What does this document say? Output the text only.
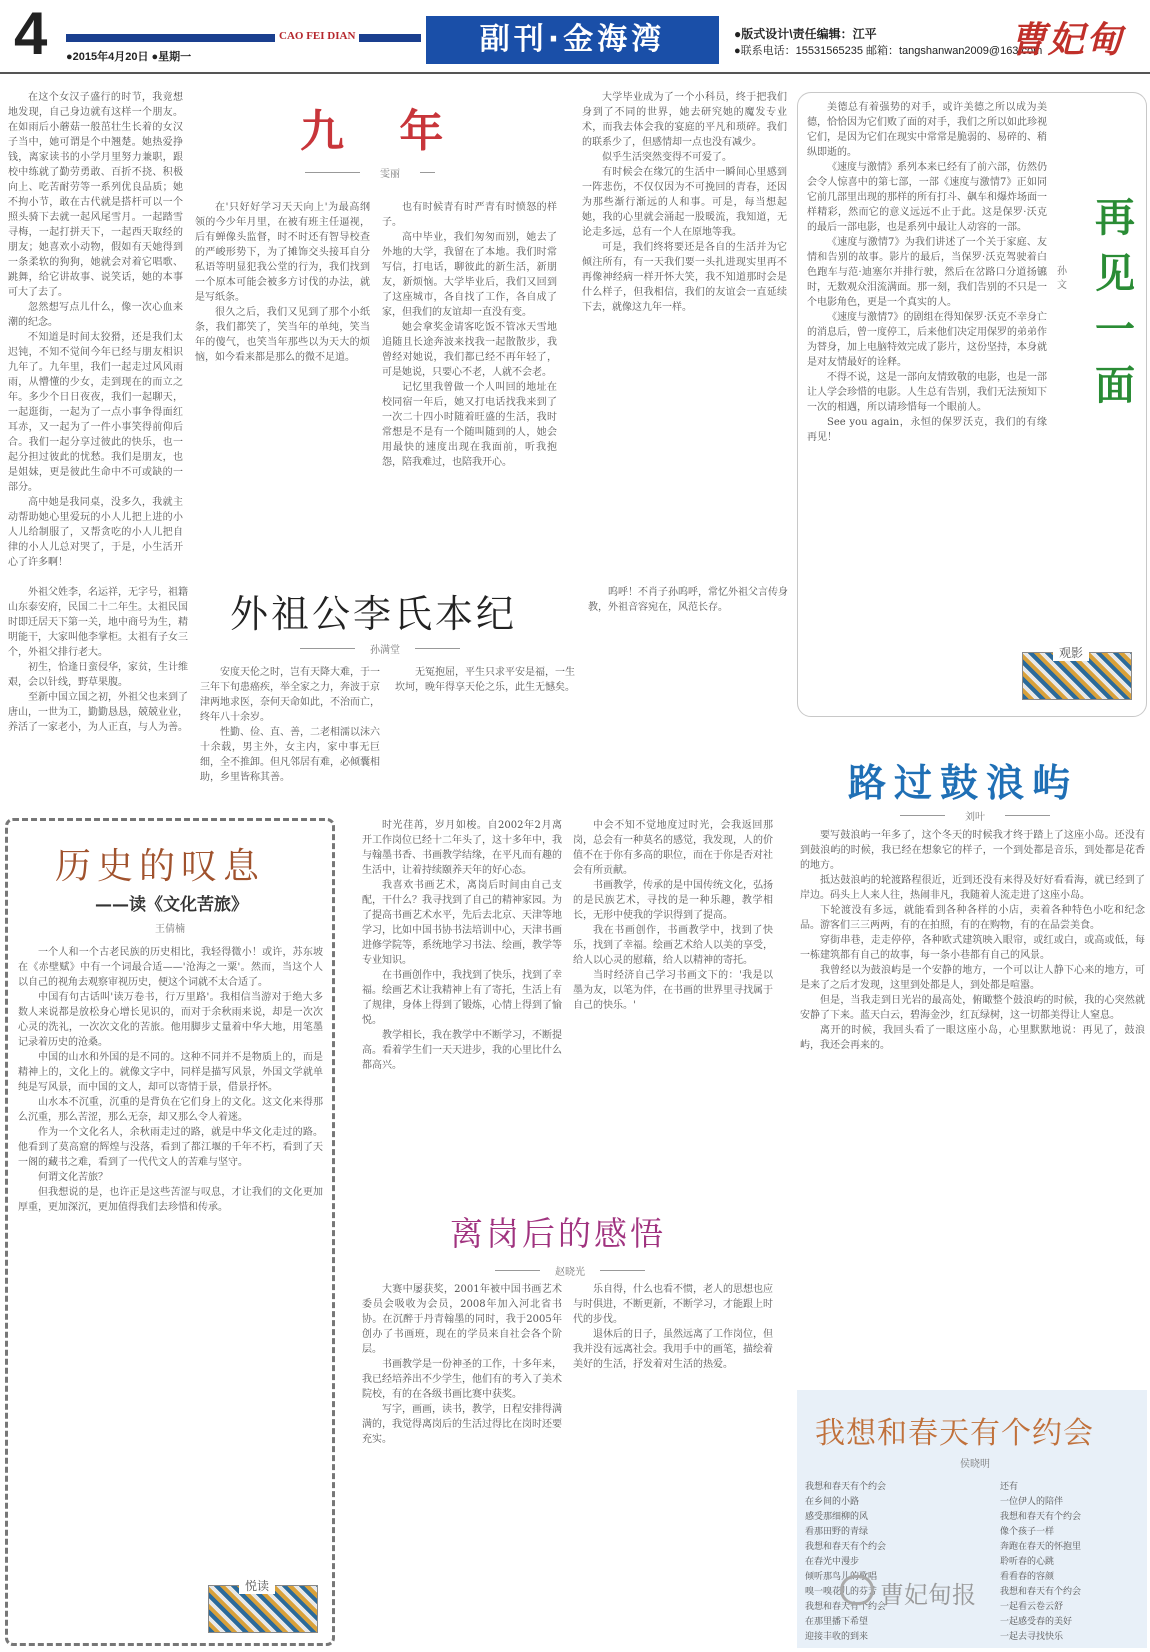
4	CAO FEI DIAN
●2015年4月20日 ●星期一	副刊·金海湾	●版式设计\责任编辑：江平
●联系电话：15531565235 邮箱：tangshanwan2009@163.com
曹妃甸
九 年
雯丽

在这个女汉子盛行的时节，我竟想地发现，自己身边就有这样一个朋友。在如雨后小蘑菇一般茁壮生长着的女汉子当中，她可谓是个中翘楚。她热爱挣钱，离家读书的小学月里努力兼职，跟校中练就了勤劳勇敢、百折不挠、积极向上、吃苦耐劳等一系列优良品质；她不拘小节，敢在古代就是搭杆可以一个照头骑下去就一起风尾雪月。一起踏雪寻梅，一起打拼天下，一起西天取经的朋友；她喜欢小动物，假如有天她得到一条柔软的狗狗，她就会对着它唱歌、跳舞，给它讲故事、说笑话，她的本事可大了去了。

忽然想写点儿什么，像一次心血来潮的纪念。

不知道是时间太狡猾，还是我们太迟钝，不知不觉间今年已经与朋友相识九年了。九年里，我们一起走过风风雨雨，从懵懂的少女，走到现在的而立之年。多少个日日夜夜，我们一起聊天，一起逛街，一起为了一点小事争得面红耳赤，又一起为了一件小事笑得前仰后合。我们一起分享过彼此的快乐，也一起分担过彼此的忧愁。我们是朋友，也是姐妹，更是彼此生命中不可或缺的一部分。

高中她是我同桌，没多久，我就主动帮助她心里爱玩的小人儿把上进的小人儿给制服了，又帮贪吃的小人儿把自律的小人儿总对哭了，于是，小生活开心了许多啊！

在'只好好学习天天向上'为最高纲领的今少年月里，在被有班主任逼视，后有蝉像头监督，时不时还有智导校查的严峻形势下，为了摊饰交头接耳自分私语等明显犯我公堂的行为，我们找到一个原本可能会被多方讨伐的办法，就是写纸条。

很久之后，我们又见到了那个小纸条，我们都笑了，笑当年的单纯，笑当年的傻气，也笑当年那些以为天大的烦恼，如今看来都是那么的微不足道。

也有时候青有时严青有时愤怒的样子。

高中毕业，我们匆匆而别，她去了外地的大学，我留在了本地。我们时常写信，打电话，聊彼此的新生活，新朋友，新烦恼。大学毕业后，我们又回到了这座城市，各自找了工作，各自成了家，但我们的友谊却一直没有变。

她会拿奖金请客吃饭不管冰天雪地追随且长途奔波来找我一起散散步，我曾经对她说，我们都已经不再年轻了，可是她说，只要心不老，人就不会老。

记忆里我曾做一个人叫回的地址在校同宿一年后，她又打电话找我来到了一次二十四小时随着旺盛的生活，我时常想是不是有一个随叫随到的人，她会用最快的速度出现在我面前，听我抱怨，陪我难过，也陪我开心。

大学毕业成为了一个小科员，终于把我们身到了不同的世界，她去研究她的魔发专业术，而我去体会我的宴庭的平凡和琐碎。我们的联系少了，但感情却一点也没有减少。

似乎生活突然变得不可爱了。

有时候会在缘冗的生活中一瞬间心里感到一阵悲伤，不仅仅因为不可挽回的青春，还因为那些渐行渐远的人和事。可是，每当想起她，我的心里就会涌起一股暖流，我知道，无论走多远，总有一个人在原地等我。

可是，我们终将要还是各自的生活并为它倾注所有，有一天我们要一头扎进现实里再不再像神经病一样开怀大笑，我不知道那时会是什么样子，但我相信，我们的友谊会一直延续下去，就像这九年一样。

再见一面
孙文

美德总有着强势的对手，或许美德之所以成为美德，恰恰因为它们败了面的对手，我们之所以如此珍视它们，是因为它们在现实中常常是脆弱的、易碎的、稍纵即逝的。

《速度与激情》系列本来已经有了前六部，仿然仍会令人惊喜中的第七部，一部《速度与激情7》正如同它前几部里出现的那样的所有打斗、飙车和爆炸场面一样精彩，然而它的意义远远不止于此。这是保罗·沃克的最后一部电影，也是系列中最让人动容的一部。

《速度与激情7》为我们讲述了一个关于家庭、友情和告别的故事。影片的最后，当保罗·沃克驾驶着白色跑车与范·迪塞尔并排行驶，然后在岔路口分道扬镳时，无数观众泪流满面。那一刻，我们告别的不只是一个电影角色，更是一个真实的人。

《速度与激情7》的剧组在得知保罗·沃克不幸身亡的消息后，曾一度停工，后来他们决定用保罗的弟弟作为替身，加上电脑特效完成了影片，这份坚持，本身就是对友情最好的诠释。

不得不说，这是一部向友情致敬的电影，也是一部让人学会珍惜的电影。人生总有告别，我们无法预知下一次的相遇，所以请珍惜每一个眼前人。

See you again，永恒的保罗沃克，我们的有缘再见！

观影
外祖公李氏本纪
孙满堂

外祖父姓李，名运祥，无字号，祖籍山东泰安府，民国二十二年生。太祖民国时即迁居天下第一关，地中商号为生，精明能干，大家叫他李掌柜。太祖有子女三个，外祖父排行老大。

初生，恰逢日蛮侵华，家贫，生计维艰，会以针线，野草果腹。

至新中国立国之初，外祖父也来到了唐山，一世为工，勤勤恳恳，兢兢业业，养活了一家老小，为人正直，与人为善。

安度天伦之时，岂有天降大难，于一三年下旬患癌疾，举全家之力，奔波于京津两地求医，奈何天命如此，不治而亡，终年八十余岁。

性勤、俭、直、善，二老相濡以沫六十余载，男主外，女主内，家中事无巨细，全不推卸。但凡邻居有难，必倾囊相助，乡里皆称其善。

无冤抱屈，平生只求平安是福，一生坎坷，晚年得享天伦之乐，此生无憾矣。

呜呼！不肖子孙呜呼，常忆外祖父言传身教，外祖音容宛在，风范长存。

历史的叹息
——读《文化苦旅》
王倩楠

一个人和一个古老民族的历史相比，我轻得微小！或许，苏东坡在《赤壁赋》中有一个词最合适——'沧海之一粟'。然而，当这个人以自己的视角去观察审视历史，便这个词就不太合适了。

中国有句古话叫'读万卷书，行万里路'。我相信当游对于绝大多数人来说都是放松身心增长见识的，而对于余秋雨来说，却是一次次心灵的洗礼，一次次文化的苦旅。他用脚步丈量着中华大地，用笔墨记录着历史的沧桑。

中国的山水和外国的是不同的。这种不同并不是物质上的，而是精神上的，文化上的。就像文字中，同样是描写风景，外国文学就单纯是写风景，而中国的文人，却可以寄情于景，借景抒怀。

山水本不沉重，沉重的是背负在它们身上的文化。这文化来得那么沉重，那么苦涩，那么无奈，却又那么令人着迷。

作为一个文化名人，余秋雨走过的路，就是中华文化走过的路。他看到了莫高窟的辉煌与没落，看到了都江堰的千年不朽，看到了天一阁的藏书之难，看到了一代代文人的苦难与坚守。

何谓文化苦旅？

但我想说的是，也许正是这些苦涩与叹息，才让我们的文化更加厚重，更加深沉，更加值得我们去珍惜和传承。

悦读

时光荏苒，岁月如梭。自2002年2月离开工作岗位已经十二年头了，这十多年中，我与翰墨书香、书画教学结缘，在平凡而有趣的生活中，让着持续颐养天年的好心态。

我喜欢书画艺术，离岗后时间由自己支配，干什么？我寻找到了自己的精神家园。为了提高书画艺术水平，先后去北京、天津等地学习，比如中国书协书法培训中心，天津书画进修学院等，系统地学习书法、绘画，教学等专业知识。

在书画创作中，我找到了快乐，找到了幸福。绘画艺术让我精神上有了寄托，生活上有了规律，身体上得到了锻炼，心情上得到了愉悦。

教学相长，我在教学中不断学习，不断提高。看着学生们一天天进步，我的心里比什么都高兴。

中会不知不觉地度过时光，会我返回那岗，总会有一种莫名的感觉，我发现，人的价值不在于你有多高的职位，而在于你是否对社会有所贡献。

书画教学，传承的是中国传统文化，弘扬的是民族艺术，寻找的是一种乐趣，教学相长，无形中使我的学识得到了提高。

我在书画创作，书画教学中，找到了快乐，找到了幸福。绘画艺术给人以美的享受，给人以心灵的慰藉，给人以精神的寄托。

当时经济自己学习书画文下的：'我是以墨为友，以笔为伴，在书画的世界里寻找属于自己的快乐。'

离岗后的感悟
赵晓光

大赛中屡获奖，2001年被中国书画艺术委员会吸收为会员，2008年加入河北省书协。在沉醉于丹青翰墨的同时，我于2005年创办了书画班，现在的学员来自社会各个阶层。

书画教学是一份神圣的工作，十多年来，我已经培养出不少学生，他们有的考入了美术院校，有的在各级书画比赛中获奖。

写字，画画，读书，教学，日程安排得满满的，我觉得离岗后的生活过得比在岗时还要充实。

乐自得，什么也看不惯，老人的思想也应与时俱进，不断更新，不断学习，才能跟上时代的步伐。

退休后的日子，虽然远离了工作岗位，但我并没有远离社会。我用手中的画笔，描绘着美好的生活，抒发着对生活的热爱。

路过鼓浪屿
刘叶

要写鼓浪屿一年多了，这个冬天的时候我才终于踏上了这座小岛。还没有到鼓浪屿的时候，我已经在想象它的样子，一个到处都是音乐，到处都是花香的地方。

抵达鼓浪屿的轮渡路程很近，近到还没有来得及好好看看海，就已经到了岸边。码头上人来人往，热闹非凡，我随着人流走进了这座小岛。

下轮渡没有多远，就能看到各种各样的小店，卖着各种特色小吃和纪念品。游客们三三两两，有的在拍照，有的在购物，有的在品尝美食。

穿街串巷，走走停停，各种欧式建筑映入眼帘，或红或白，或高或低，每一栋建筑都有自己的故事，每一条小巷都有自己的风景。

我曾经以为鼓浪屿是一个安静的地方，一个可以让人静下心来的地方，可是来了之后才发现，这里到处都是人，到处都是喧嚣。

但是，当我走到日光岩的最高处，俯瞰整个鼓浪屿的时候，我的心突然就安静了下来。蓝天白云，碧海金沙，红瓦绿树，这一切都美得让人窒息。

离开的时候，我回头看了一眼这座小岛，心里默默地说：再见了，鼓浪屿，我还会再来的。

我想和春天有个约会
侯晓明
我想和春天有个约会
在乡间的小路
感受那细柳的风
看那田野的青绿
我想和春天有个约会
在春光中漫步
倾听那鸟儿的歌唱
嗅一嗅花儿的芬芳
我想和春天有个约会
在那里播下希望
迎接丰收的到来
还有
一位伊人的陪伴
我想和春天有个约会
像个孩子一样
奔跑在春天的怀抱里
聆听春的心跳
看看春的容颜
我想和春天有个约会
一起看云卷云舒
一起感受春的美好
一起去寻找快乐
曹妃甸报
